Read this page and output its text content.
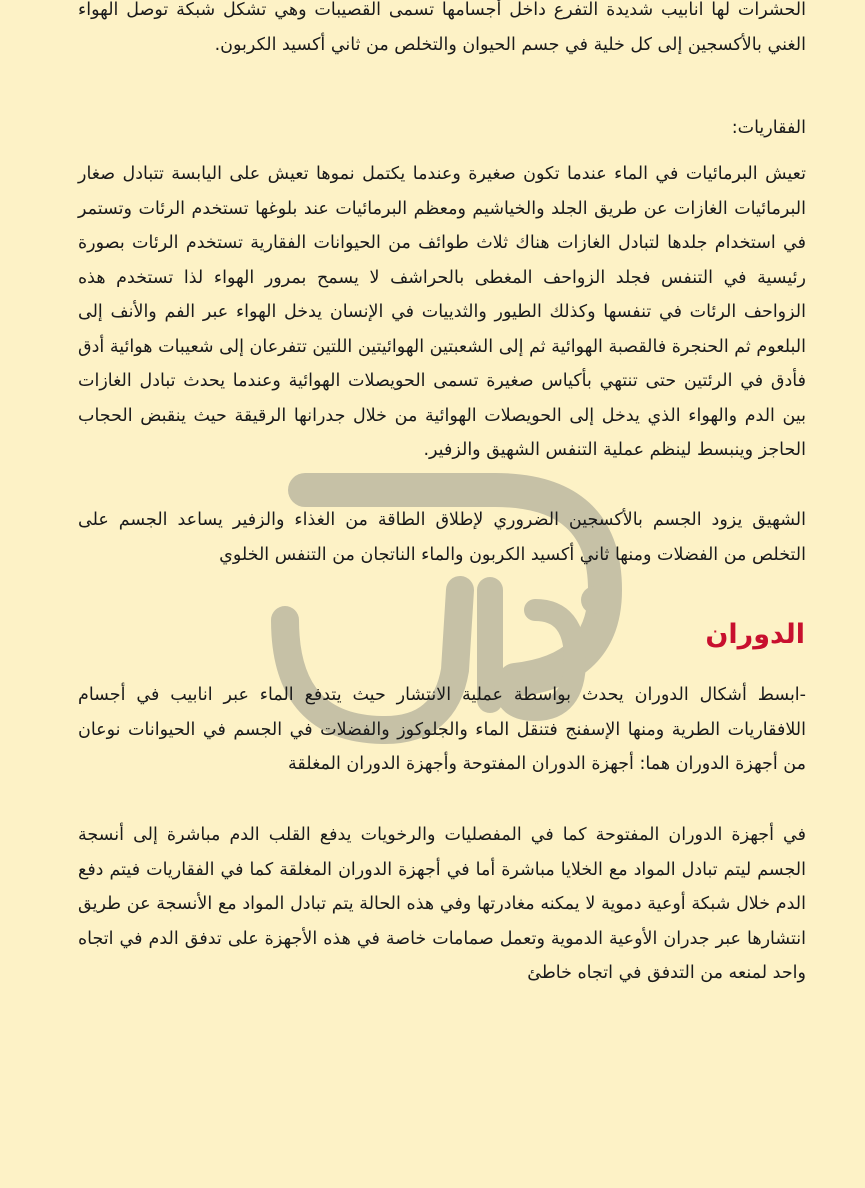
الحشرات لها انابيب شديدة التفرع داخل أجسامها تسمى القصيبات وهي تشكل شبكة توصل الهواء الغني بالأكسجين إلى كل خلية في جسم الحيوان والتخلص من ثاني أكسيد الكربون.
الفقاريات:
تعيش البرمائيات في الماء عندما تكون صغيرة وعندما يكتمل نموها تعيش على اليابسة تتبادل صغار البرمائيات الغازات عن طريق الجلد والخياشيم ومعظم البرمائيات عند بلوغها تستخدم الرئات وتستمر في استخدام جلدها لتبادل الغازات هناك ثلاث طوائف من الحيوانات الفقارية تستخدم الرئات بصورة رئيسية في التنفس فجلد الزواحف المغطى بالحراشف لا يسمح بمرور الهواء لذا تستخدم هذه الزواحف الرئات في تنفسها وكذلك الطيور والثدييات في الإنسان يدخل الهواء عبر الفم والأنف إلى البلعوم ثم الحنجرة فالقصبة الهوائية ثم إلى الشعبتين الهوائيتين اللتين تتفرعان إلى شعيبات هوائية أدق فأدق في الرئتين حتى تنتهي بأكياس صغيرة تسمى الحويصلات الهوائية وعندما يحدث تبادل الغازات بين الدم والهواء الذي يدخل إلى الحويصلات الهوائية من خلال جدرانها الرقيقة حيث ينقبض الحجاب الحاجز وينبسط لينظم عملية التنفس الشهيق والزفير.
الشهيق يزود الجسم بالأكسجين الضروري لإطلاق الطاقة من الغذاء والزفير يساعد الجسم على التخلص من الفضلات ومنها ثاني أكسيد الكربون والماء الناتجان من التنفس الخلوي
الدوران
-ابسط أشكال الدوران يحدث بواسطة عملية الانتشار حيث يتدفع الماء عبر انابيب في أجسام اللافقاريات الطرية ومنها الإسفنج فتنقل الماء والجلوكوز والفضلات في الجسم في الحيوانات نوعان من أجهزة الدوران هما: أجهزة الدوران المفتوحة وأجهزة الدوران المغلقة
في أجهزة الدوران المفتوحة كما في المفصليات والرخويات يدفع القلب الدم مباشرة إلى أنسجة الجسم ليتم تبادل المواد مع الخلايا مباشرة أما في أجهزة الدوران المغلقة كما في الفقاريات فيتم دفع الدم خلال شبكة أوعية دموية لا يمكنه مغادرتها وفي هذه الحالة يتم تبادل المواد مع الأنسجة عن طريق انتشارها عبر جدران الأوعية الدموية وتعمل صمامات خاصة في هذه الأجهزة على تدفق الدم في اتجاه واحد لمنعه من التدفق في اتجاه خاطئ
